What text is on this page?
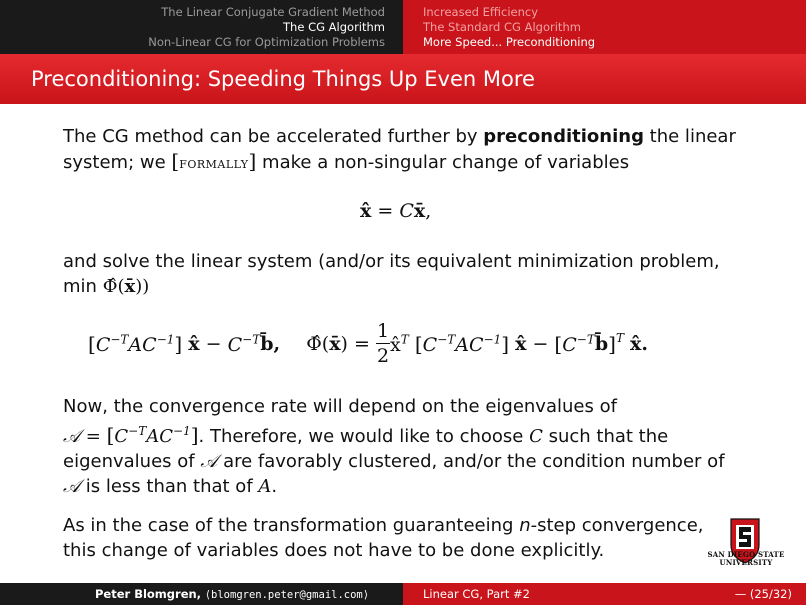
The Linear Conjugate Gradient Method
The CG Algorithm
Non-Linear CG for Optimization Problems
Increased Efficiency
The Standard CG Algorithm
More Speed... Preconditioning
Preconditioning: Speeding Things Up Even More
The CG method can be accelerated further by preconditioning the linear system; we [formally] make a non-singular change of variables
x̂ = Cx̄,
and solve the linear system (and/or its equivalent minimization problem,
min Φ̂(x̄))
$[C^{-T}AC^{-1}]$ x̂ − $C^{-T}b̄$, Φ̂(x̄) = $\frac{1}{2}$ x̂$^T$ $[C^{-T}AC^{-1}]$ x̂ − $[C^{-T}b̄]^T$ x̂.
Now, the convergence rate will depend on the eigenvalues of
𝒜 = $[C^{-T}AC^{-1}]$. Therefore, we would like to choose C such that the
eigenvalues of 𝒜 are favorably clustered, and/or the condition number of
𝒜 is less than that of A.
As in the case of the transformation guaranteeing n-step convergence,
this change of variables does not have to be done explicitly.	SAN DIEGO STATE
UNIVERSITY
Peter Blomgren, ⟨blomgren.peter@gmail.com⟩	Linear CG, Part #2	— (25/32)
